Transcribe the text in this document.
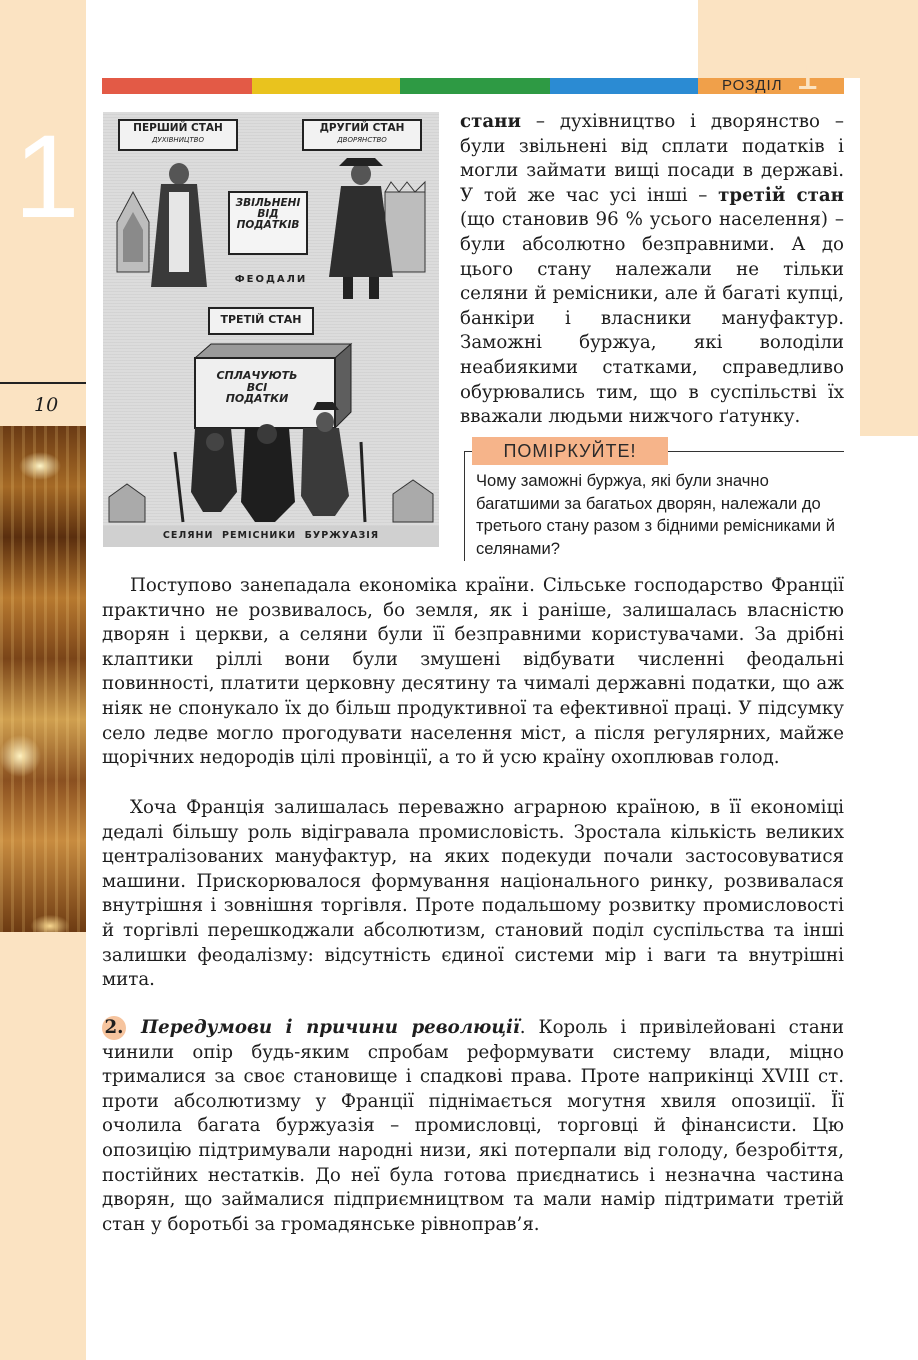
1
10
РОЗДІЛ 1
ПЕРШИЙ СТАН
ДУХІВНИЦТВО
ДРУГИЙ СТАН
ДВОРЯНСТВО
ЗВІЛЬНЕНІ ВІД ПОДАТКІВ
ФЕОДАЛИ
ТРЕТІЙ СТАН
СПЛАЧУЮТЬ ВСІ ПОДАТКИ
СЕЛЯНИ  РЕМІСНИКИ  БУРЖУАЗІЯ

стани – духівництво і дворянство – були звільнені від сплати податків і могли займати вищі посади в державі. У той же час усі інші – третій стан (що становив 96 % усього населення) – були абсолютно безправними. А до цього стану належали не тільки селяни й ремісники, але й багаті купці, банкіри і власники мануфактур. Заможні буржуа, які володіли неабиякими статками, справедливо обурювались тим, що в суспільстві їх вважали людьми нижчого ґатунку.

ПОМІРКУЙТЕ!
Чому заможні буржуа, які були значно багатшими за багатьох дворян, належали до третього стану разом з бідними ремісниками й селянами?

Поступово занепадала економіка країни. Сільське господарство Франції практично не розвивалось, бо земля, як і раніше, залишалась власністю дворян і церкви, а селяни були її безправними користувачами. За дрібні клаптики ріллі вони були змушені відбувати численні феодальні повинності, платити церковну десятину та чималі державні податки, що аж ніяк не спонукало їх до більш продуктивної та ефективної праці. У підсумку село ледве могло прогодувати населення міст, а після регулярних, майже щорічних недородів цілі провінції, а то й усю країну охоплював голод.

Хоча Франція залишалась переважно аграрною країною, в її економіці дедалі більшу роль відігравала промисловість. Зростала кількість великих централізованих мануфактур, на яких подекуди почали застосовуватися машини. Прискорювалося формування національного ринку, розвивалася внутрішня і зовнішня торгівля. Проте подальшому розвитку промисловості й торгівлі перешкоджали абсолютизм, становий поділ суспільства та інші залишки феодалізму: відсутність єдиної системи мір і ваги та внутрішні мита.

2. Передумови і причини революції. Король і привілейовані стани чинили опір будь-яким спробам реформувати систему влади, міцно трималися за своє становище і спадкові права. Проте наприкінці XVIII ст. проти абсолютизму у Франції піднімається могутня хвиля опозиції. Її очолила багата буржуазія – промисловці, торговці й фінансисти. Цю опозицію підтримували народні низи, які потерпали від голоду, безробіття, постійних нестатків. До неї була готова приєднатись і незначна частина дворян, що займалися підприємництвом та мали намір підтримати третій стан у боротьбі за громадянське рівноправ’я.
